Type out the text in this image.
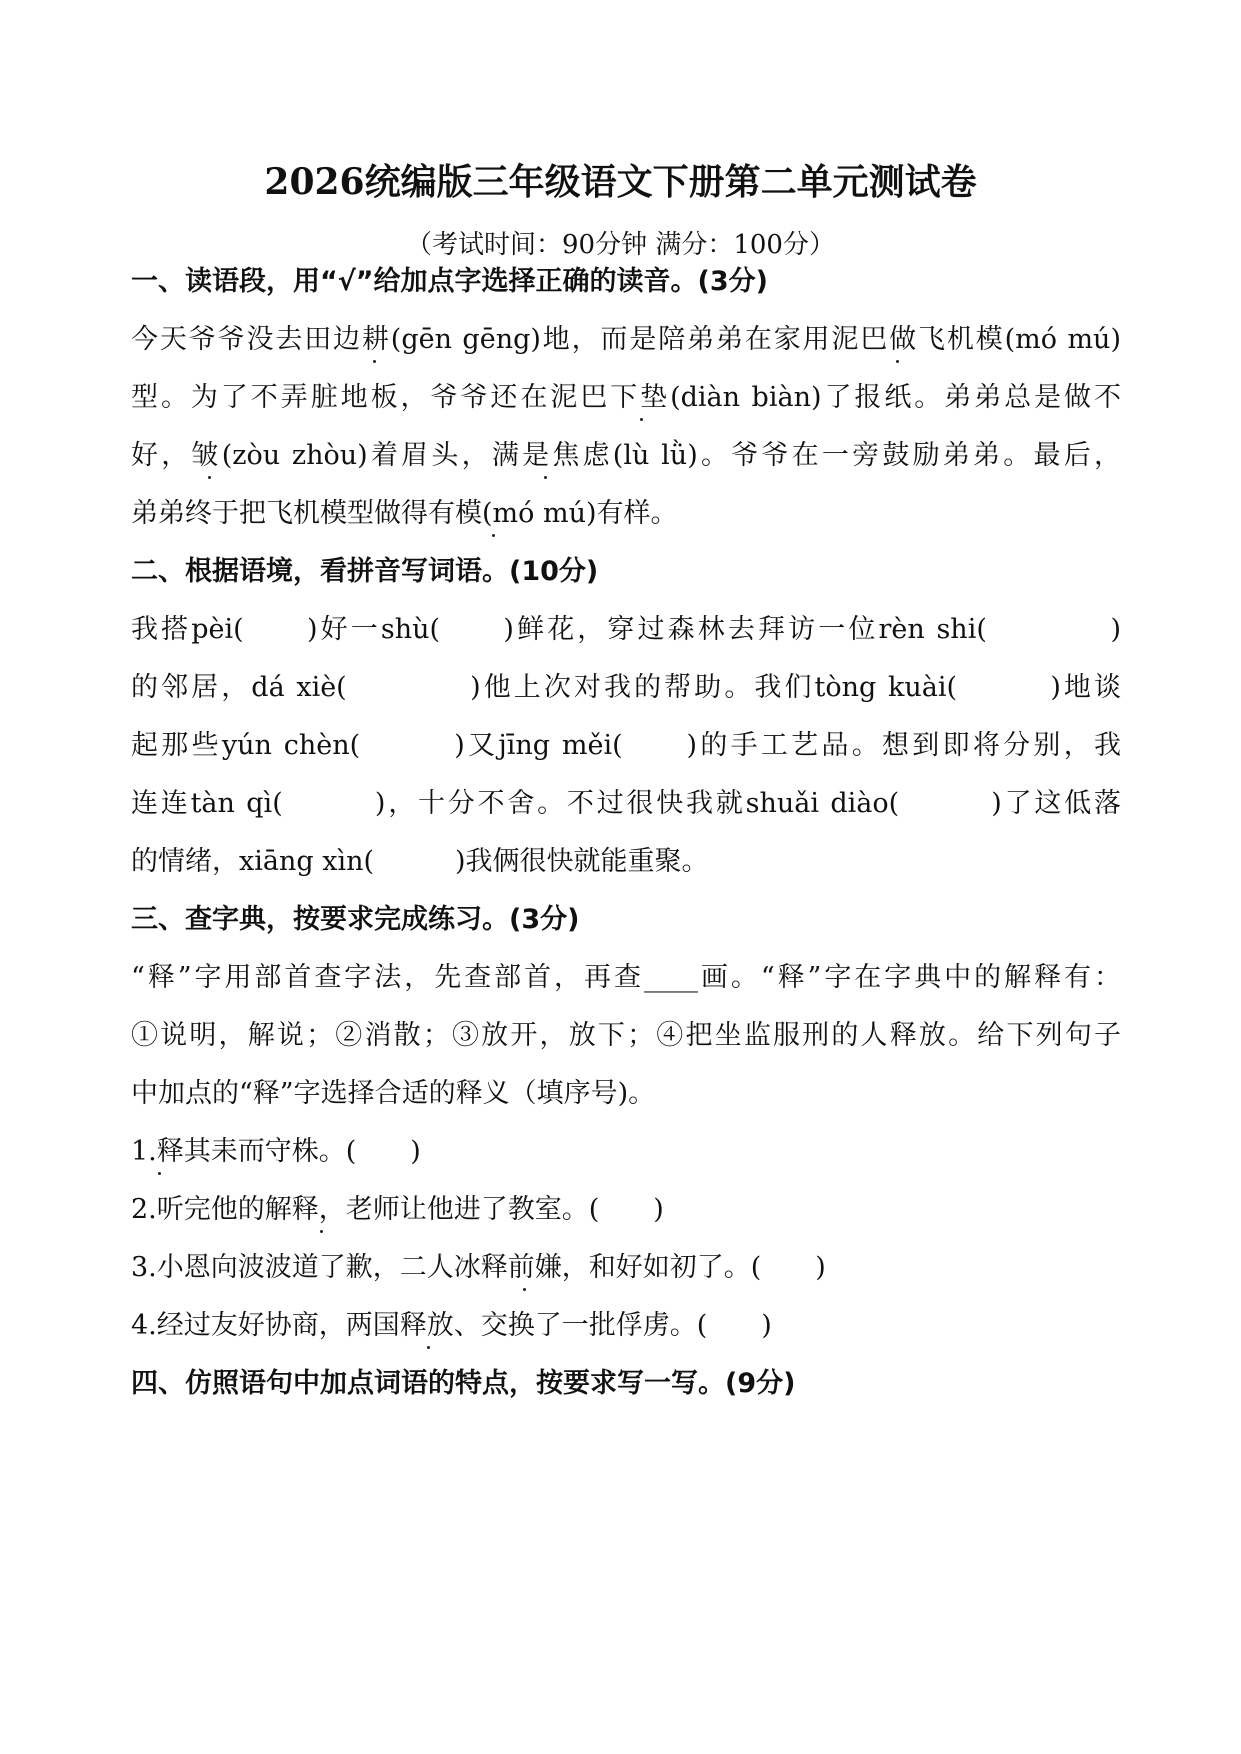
2026统编版三年级语文下册第二单元测试卷
（考试时间：90分钟 满分：100分）
一、读语段，用“√”给加点字选择正确的读音。(3分)
今天爷爷没去田边耕(gēn gēng)地，而是陪弟弟在家用泥巴做飞机模(mó mú)
型。为了不弄脏地板，爷爷还在泥巴下垫(diàn biàn)了报纸。弟弟总是做不
好，皱(zòu zhòu)着眉头，满是焦虑(lù lǜ)。爷爷在一旁鼓励弟弟。最后，
弟弟终于把飞机模型做得有模(mó mú)有样。
二、根据语境，看拼音写词语。(10分)
我搭pèi(　　)好一shù(　　)鲜花，穿过森林去拜访一位rèn shi(　　　　)
的邻居，dá xiè(　　　　)他上次对我的帮助。我们tòng kuài(　　　)地谈
起那些yún chèn(　　　)又jīng měi(　　)的手工艺品。想到即将分别，我
连连tàn qì(　　　)，十分不舍。不过很快我就shuǎi diào(　　　)了这低落
的情绪，xiāng xìn(　　　)我俩很快就能重聚。
三、查字典，按要求完成练习。(3分)
“释”字用部首查字法，先查部首，再查____画。“释”字在字典中的解释有：
①说明，解说；②消散；③放开，放下；④把坐监服刑的人释放。给下列句子
中加点的“释”字选择合适的释义（填序号)。
1.释其耒而守株。(　　)
2.听完他的解释，老师让他进了教室。(　　)
3.小恩向波波道了歉，二人冰释前嫌，和好如初了。(　　)
4.经过友好协商，两国释放、交换了一批俘虏。(　　)
四、仿照语句中加点词语的特点，按要求写一写。(9分)
